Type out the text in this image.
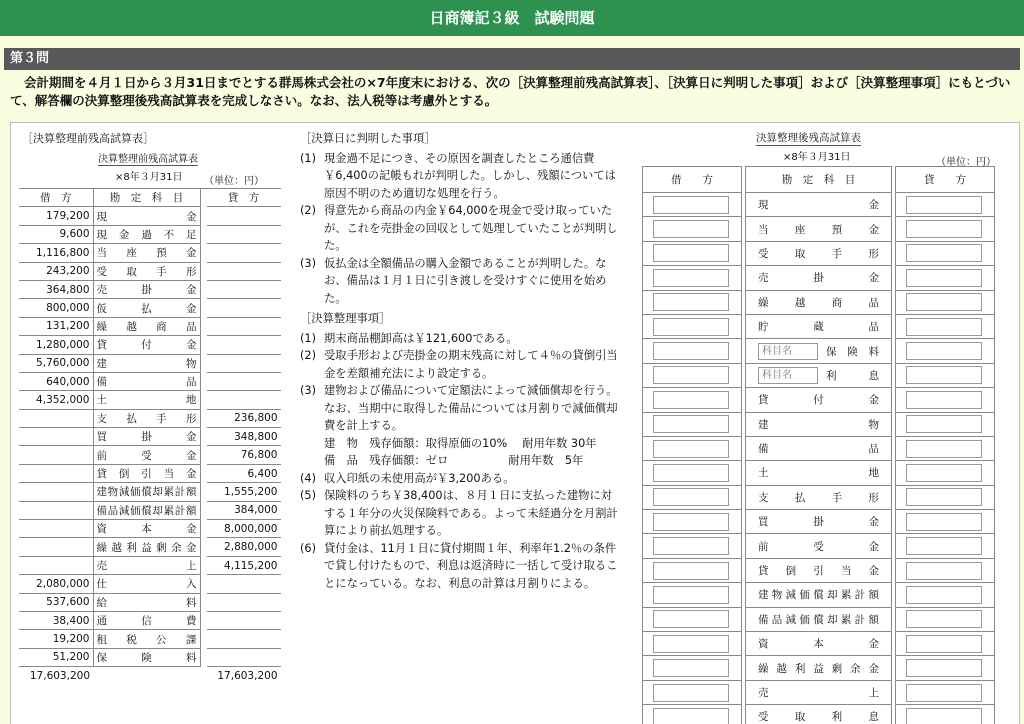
日商簿記３級　試験問題
第３問
会計期間を４月１日から３月31日までとする群馬株式会社の×7年度末における、次の［決算整理前残高試算表］、［決算日に判明した事項］および［決算整理事項］にもとづいて、解答欄の決算整理後残高試算表を完成しなさい。なお、法人税等は考慮外とする。
［決算整理前残高試算表］
決算整理前残高試算表
×8年３月31日 （単位：円）
借　方	勘　定　科　目		貸　方
179,200	現金		
9,600	現金過不足		
1,116,800	当座預金		
243,200	受取手形		
364,800	売掛金		
800,000	仮払金		
131,200	繰越商品		
1,280,000	貸付金		
5,760,000	建物		
640,000	備品		
4,352,000	土地		
	支払手形		236,800
	買掛金		348,800
	前受金		76,800
	貸倒引当金		6,400
	建物減価償却累計額		1,555,200
	備品減価償却累計額		384,000
	資本金		8,000,000
	繰越利益剰余金		2,880,000
	売上		4,115,200
2,080,000	仕入		
537,600	給料		
38,400	通信費		
19,200	租税公課		
51,200	保険料		
17,603,200			17,603,200
［決算日に判明した事項］
(1) 現金過不足につき、その原因を調査したところ通信費￥6,400の記帳もれが判明した。しかし、残額については原因不明のため適切な処理を行う。
(2) 得意先から商品の内金￥64,000を現金で受け取っていたが、これを売掛金の回収として処理していたことが判明した。
(3) 仮払金は全額備品の購入金額であることが判明した。なお、備品は１月１日に引き渡しを受けすぐに使用を始めた。
［決算整理事項］
(1) 期末商品棚卸高は￥121,600である。
(2) 受取手形および売掛金の期末残高に対して４％の貸倒引当金を差額補充法により設定する。
(3) 建物および備品について定額法によって減価償却を行う。なお、当期中に取得した備品については月割りで減価償却費を計上する。
建　物　残存価額：取得原価の10%　 耐用年数 30年
備　品　残存価額：ゼロ　　　　　 耐用年数　5年
(4) 収入印紙の未使用高が￥3,200ある。
(5) 保険料のうち￥38,400は、８月１日に支払った建物に対する１年分の火災保険料である。よって未経過分を月割計算により前払処理する。
(6) 貸付金は、11月１日に貸付期間１年、利率年1.2％の条件で貸し付けたもので、利息は返済時に一括して受け取ることになっている。なお、利息の計算は月割りによる。
決算整理後残高試算表
×8年３月31日	（単位：円）
借　　方		勘　定　科　目		貸　　方

		現金		

		当座預金		

		受取手形		

		売掛金		

		繰越商品		

		貯蔵品		

		科目名 保険料		

		科目名 利息		

		貸付金		

		建物		

		備品		

		土地		

		支払手形		

		買掛金		

		前受金		

		貸倒引当金		

		建物減価償却累計額		

		備品減価償却累計額		

		資本金		

		繰越利益剰余金		

		売上		

		受取利息		
